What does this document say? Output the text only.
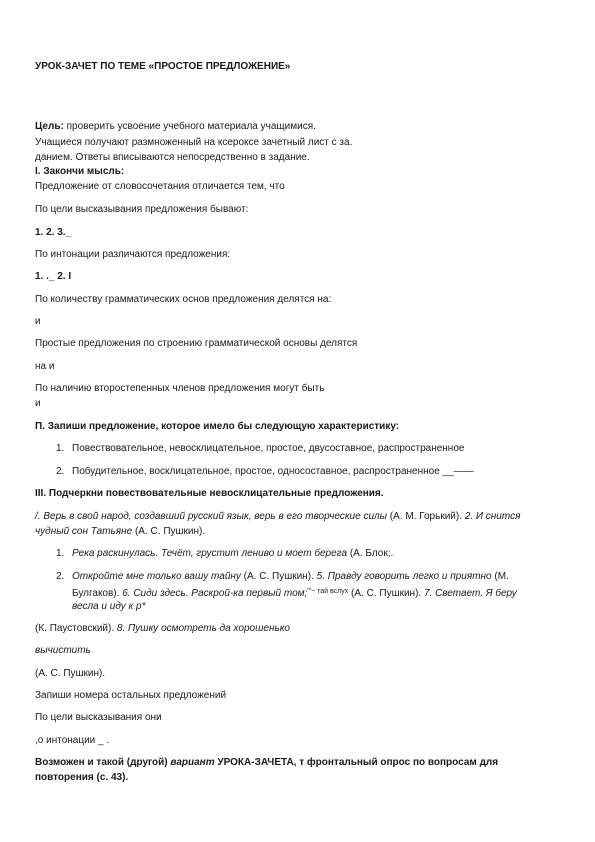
УРОК-ЗАЧЕТ ПО ТЕМЕ «ПРОСТОЕ ПРЕДЛОЖЕНИЕ»
Цель: проверить усвоение учебного материала учащимися.
Учащиеся получают размноженный на ксероксе зачетный лист с за.
данием. Ответы вписываются непосредственно в задание.
I. Закончи мысль:
Предложение от словосочетания отличается тем, что
По цели высказывания предложения бывают:
1. 2. 3._
По интонации различаются предложения:
1. ._ 2. I
По количеству грамматических основ предложения делятся на:
и
Простые предложения по строению грамматической основы делятся
на и
По наличию второстепенных членов предложения могут быть
и
П. Запиши предложение, которое имело бы следующую характеристику:
1. Повествовательное, невосклицательное, простое, двусоставное, распространенное
2. Побудительное, восклицательное, простое, односоставное, распространенное __——
III. Подчеркни повествовательные невосклицательные предложения.
/. Верь в свой народ, создавший русский язык, верь в его творческие силы (А. М. Горький). 2. И снится
чудный сон Татьяне (А. С. Пушкин).
1. Река раскинулась. Течёт, грустит лениво и моет берега (А. Блок;.
2. Откройте мне только вашу тайну (А. С. Пушкин). 5. Правду говорить легко и приятно (М.
Булгаков). 6. Сиди здесь. Раскрой-ка первый том;$^{'"\sim тай вслух}$ (А. С. Пушкин). 7. Светает. Я беру
весла и иду к р*
(К. Паустовский). 8. Пушку осмотреть да хорошенько
вычистить
(А. С. Пушкин).
Запиши номера остальных предложений
По цели высказывания они
,о интонации _ .
Возможен и такой (другой) вариант УРОКА-ЗАЧЕТА, т фронтальный опрос по вопросам для
повторения (с. 43).
